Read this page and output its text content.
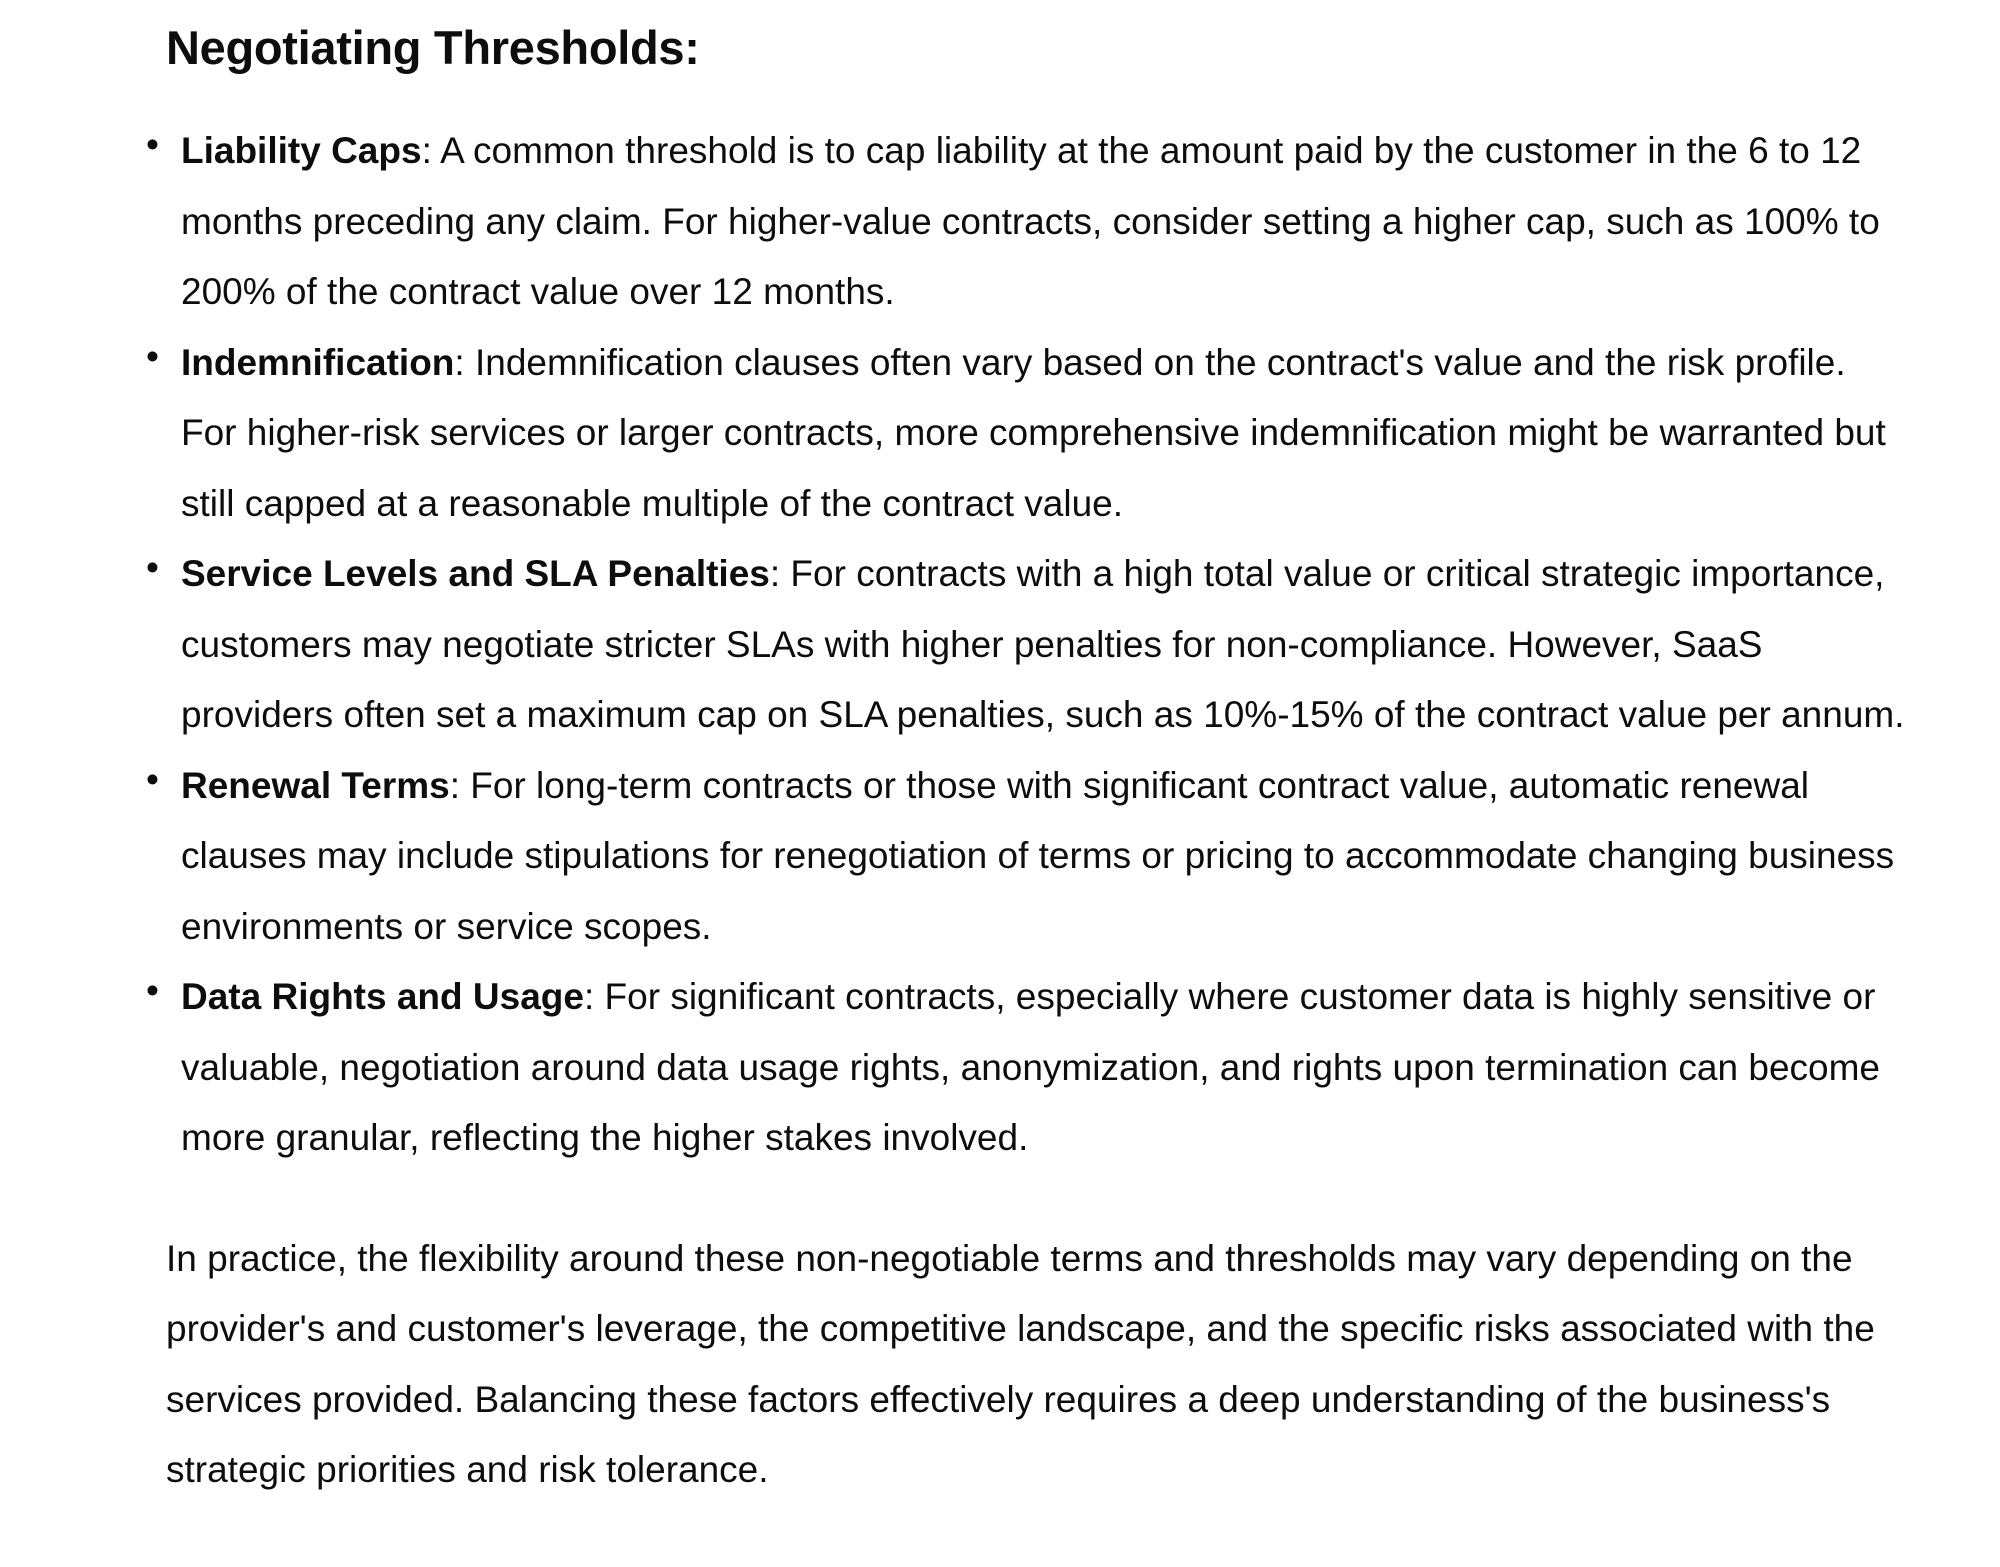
Negotiating Thresholds:
• Liability Caps: A common threshold is to cap liability at the amount paid by the customer in the 6 to 12 months preceding any claim. For higher-value contracts, consider setting a higher cap, such as 100% to 200% of the contract value over 12 months.
• Indemnification: Indemnification clauses often vary based on the contract's value and the risk profile. For higher-risk services or larger contracts, more comprehensive indemnification might be warranted but still capped at a reasonable multiple of the contract value.
• Service Levels and SLA Penalties: For contracts with a high total value or critical strategic importance, customers may negotiate stricter SLAs with higher penalties for non-compliance. However, SaaS providers often set a maximum cap on SLA penalties, such as 10%-15% of the contract value per annum.
• Renewal Terms: For long-term contracts or those with significant contract value, automatic renewal clauses may include stipulations for renegotiation of terms or pricing to accommodate changing business environments or service scopes.
• Data Rights and Usage: For significant contracts, especially where customer data is highly sensitive or valuable, negotiation around data usage rights, anonymization, and rights upon termination can become more granular, reflecting the higher stakes involved.

In practice, the flexibility around these non-negotiable terms and thresholds may vary depending on the provider's and customer's leverage, the competitive landscape, and the specific risks associated with the services provided. Balancing these factors effectively requires a deep understanding of the business's strategic priorities and risk tolerance.
